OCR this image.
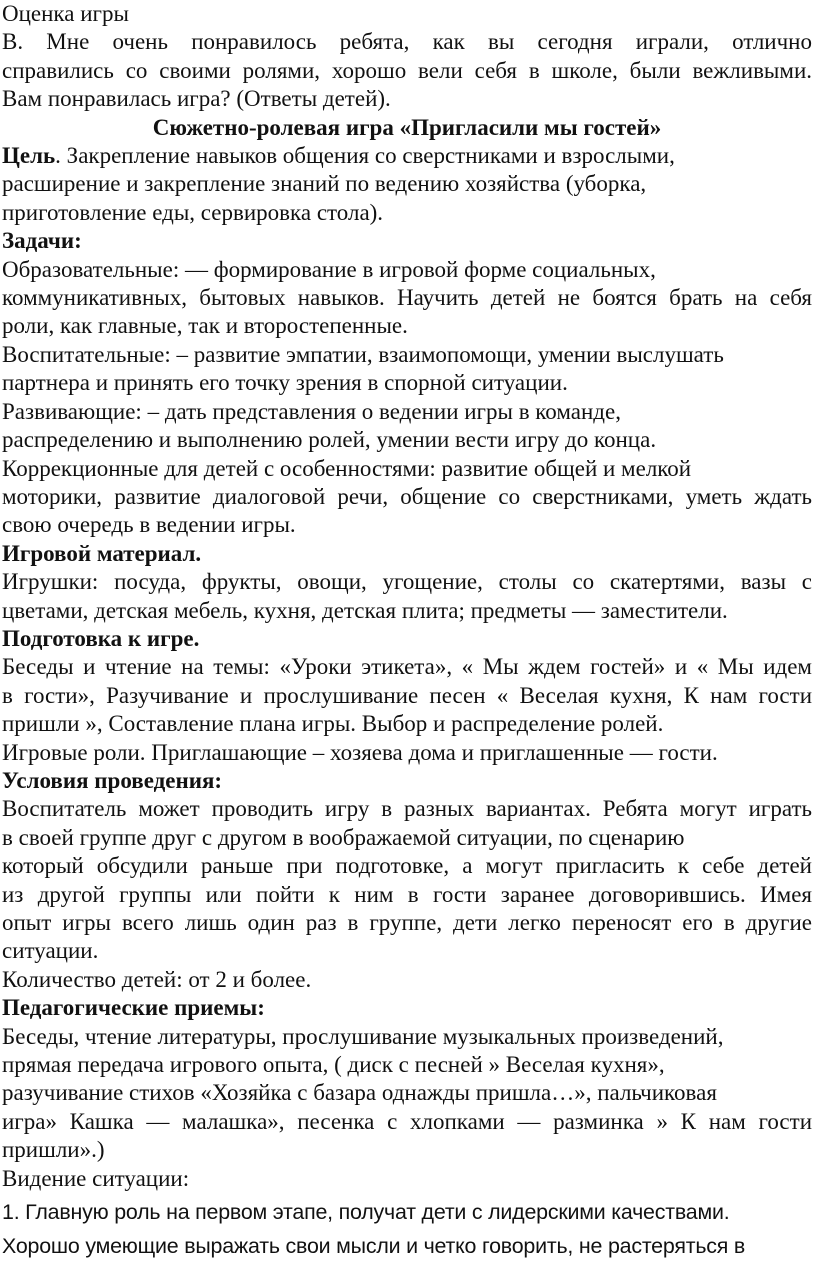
Оценка игры

В. Мне очень понравилось ребята, как вы сегодня играли, отлично

справились со своими ролями, хорошо вели себя в школе, были вежливыми.

Вам понравилась игра? (Ответы детей).

Сюжетно-ролевая игра «Пригласили мы гостей»

Цель. Закрепление навыков общения со сверстниками и взрослыми,

расширение и закрепление знаний по ведению хозяйства (уборка,

приготовление еды, сервировка стола).

Задачи:

Образовательные: — формирование в игровой форме социальных,

коммуникативных, бытовых навыков. Научить детей не боятся брать на себя

роли, как главные, так и второстепенные.

Воспитательные: – развитие эмпатии, взаимопомощи, умении выслушать

партнера и принять его точку зрения в спорной ситуации.

Развивающие: – дать представления о ведении игры в команде,

распределению и выполнению ролей, умении вести игру до конца.

Коррекционные для детей с особенностями: развитие общей и мелкой

моторики, развитие диалоговой речи, общение со сверстниками, уметь ждать

свою очередь в ведении игры.

Игровой материал.

Игрушки: посуда, фрукты, овощи, угощение, столы со скатертями, вазы с

цветами, детская мебель, кухня, детская плита; предметы — заместители.

Подготовка к игре.

Беседы и чтение на темы: «Уроки этикета», « Мы ждем гостей» и « Мы идем

в гости», Разучивание и прослушивание песен « Веселая кухня, К нам гости

пришли », Составление плана игры. Выбор и распределение ролей.

Игровые роли. Приглашающие – хозяева дома и приглашенные — гости.

Условия проведения:

Воспитатель может проводить игру в разных вариантах. Ребята могут играть

в своей группе друг с другом в воображаемой ситуации, по сценарию

который обсудили раньше при подготовке, а могут пригласить к себе детей

из другой группы или пойти к ним в гости заранее договорившись. Имея

опыт игры всего лишь один раз в группе, дети легко переносят его в другие

ситуации.

Количество детей: от 2 и более.

Педагогические приемы:

Беседы, чтение литературы, прослушивание музыкальных произведений,

прямая передача игрового опыта, ( диск с песней » Веселая кухня»,

разучивание стихов «Хозяйка с базара однажды пришла…», пальчиковая

игра» Кашка — малашка», песенка с хлопками — разминка » К нам гости

пришли».)

Видение ситуации:

1. Главную роль на первом этапе, получат дети с лидерскими качествами.

Хорошо умеющие выражать свои мысли и четко говорить, не растеряться в
